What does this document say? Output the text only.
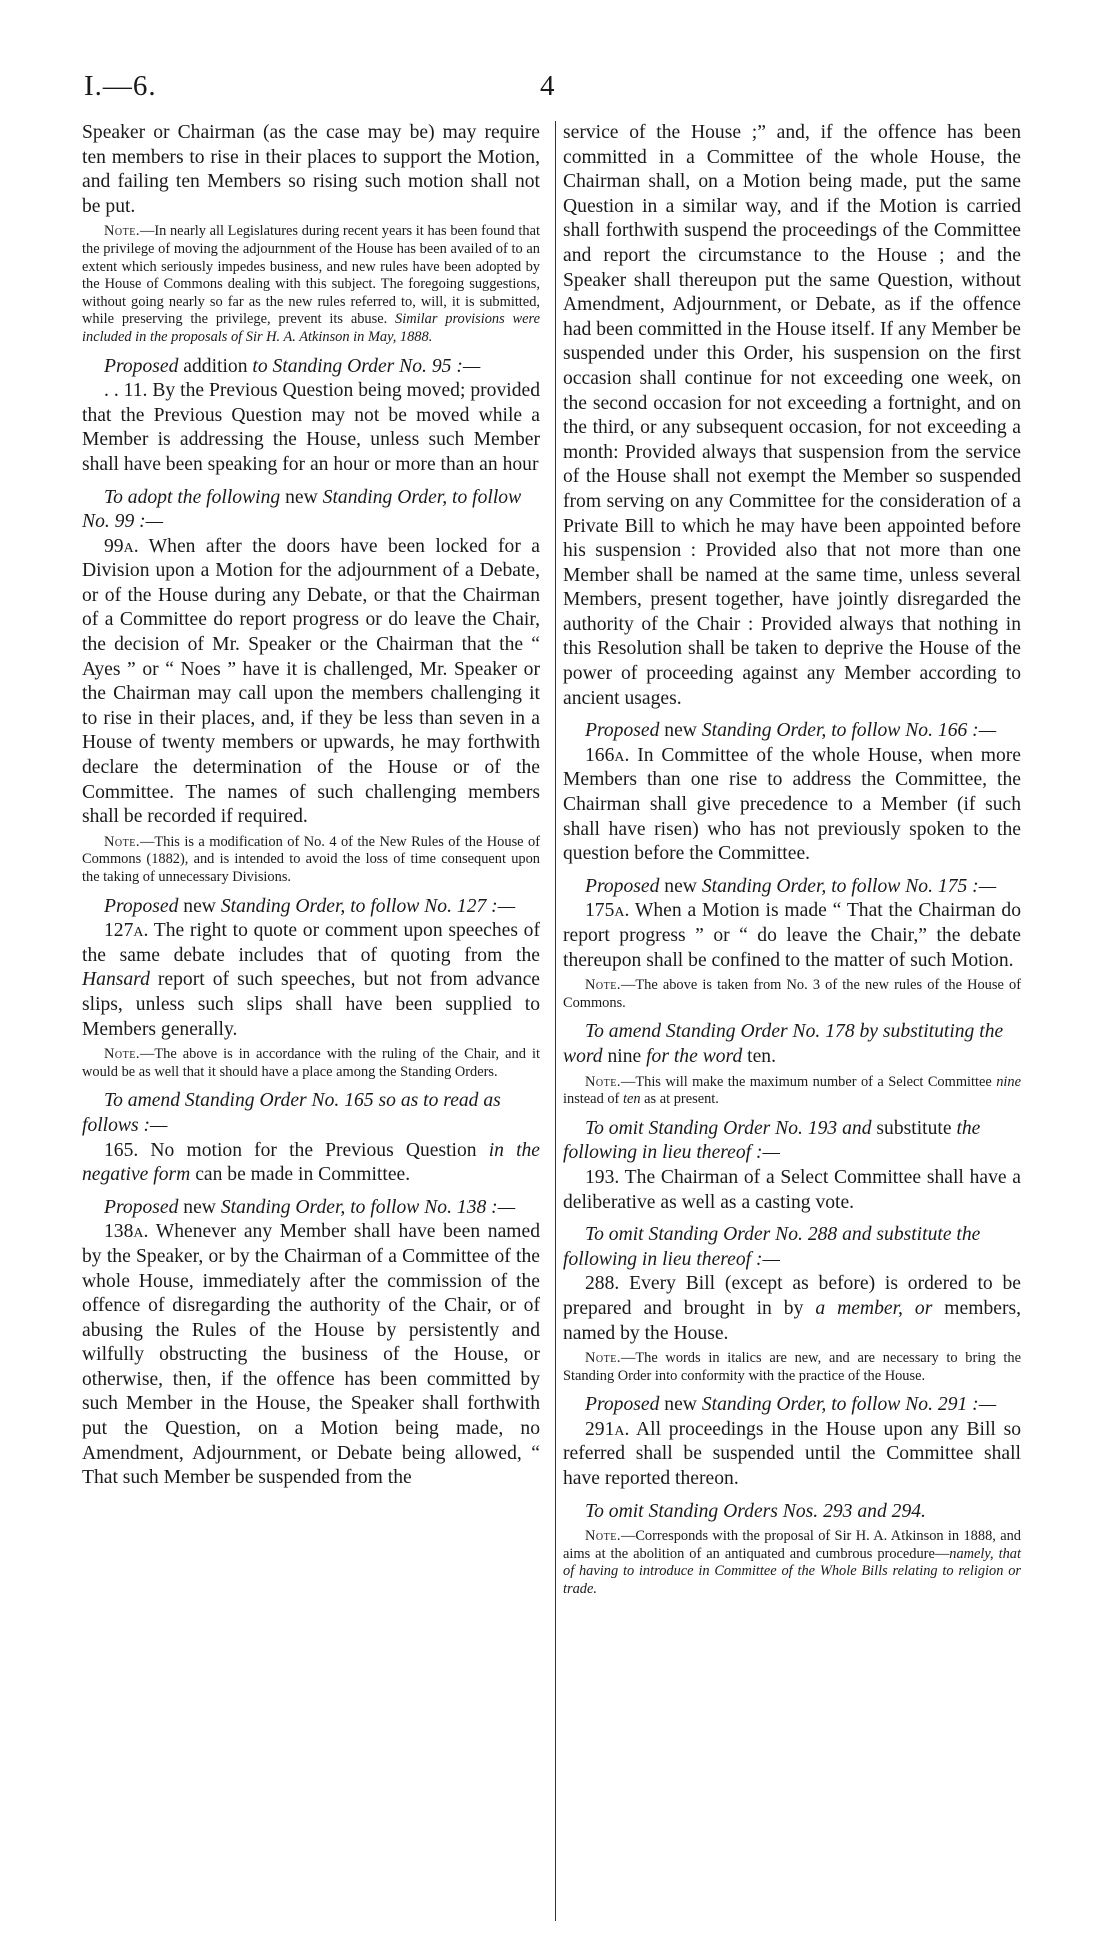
I.—6.	4

Speaker or Chairman (as the case may be) may require ten members to rise in their places to support the Motion, and failing ten Members so rising such motion shall not be put.

Note.—In nearly all Legislatures during recent years it has been found that the privilege of moving the adjournment of the House has been availed of to an extent which seriously impedes business, and new rules have been adopted by the House of Commons dealing with this subject. The foregoing suggestions, without going nearly so far as the new rules referred to, will, it is submitted, while preserving the privilege, prevent its abuse. Similar provisions were included in the proposals of Sir H. A. Atkinson in May, 1888.

Proposed addition to Standing Order No. 95 :—

. . 11. By the Previous Question being moved; provided that the Previous Question may not be moved while a Member is addressing the House, unless such Member shall have been speaking for an hour or more than an hour

To adopt the following new Standing Order, to follow No. 99 :—

99a. When after the doors have been locked for a Division upon a Motion for the adjournment of a Debate, or of the House during any Debate, or that the Chairman of a Committee do report progress or do leave the Chair, the decision of Mr. Speaker or the Chairman that the “ Ayes ” or “ Noes ” have it is challenged, Mr. Speaker or the Chairman may call upon the members challenging it to rise in their places, and, if they be less than seven in a House of twenty members or upwards, he may forthwith declare the determination of the House or of the Committee. The names of such challenging members shall be recorded if required.

Note.—This is a modification of No. 4 of the New Rules of the House of Commons (1882), and is intended to avoid the loss of time consequent upon the taking of unnecessary Divisions.

Proposed new Standing Order, to follow No. 127 :—

127a. The right to quote or comment upon speeches of the same debate includes that of quoting from the Hansard report of such speeches, but not from advance slips, unless such slips shall have been supplied to Members generally.

Note.—The above is in accordance with the ruling of the Chair, and it would be as well that it should have a place among the Standing Orders.

To amend Standing Order No. 165 so as to read as follows :—

165. No motion for the Previous Question in the negative form can be made in Committee.

Proposed new Standing Order, to follow No. 138 :—

138a. Whenever any Member shall have been named by the Speaker, or by the Chairman of a Committee of the whole House, immediately after the commission of the offence of disregarding the authority of the Chair, or of abusing the Rules of the House by persistently and wilfully obstructing the business of the House, or otherwise, then, if the offence has been committed by such Member in the House, the Speaker shall forthwith put the Question, on a Motion being made, no Amendment, Adjournment, or Debate being allowed, “ That such Member be suspended from the

service of the House ;” and, if the offence has been committed in a Committee of the whole House, the Chairman shall, on a Motion being made, put the same Question in a similar way, and if the Motion is carried shall forthwith suspend the proceedings of the Committee and report the circumstance to the House ; and the Speaker shall thereupon put the same Question, without Amendment, Adjournment, or Debate, as if the offence had been committed in the House itself. If any Member be suspended under this Order, his suspension on the first occasion shall continue for not exceeding one week, on the second occasion for not exceeding a fortnight, and on the third, or any subsequent occasion, for not exceeding a month: Provided always that suspension from the service of the House shall not exempt the Member so suspended from serving on any Committee for the consideration of a Private Bill to which he may have been appointed before his suspension : Provided also that not more than one Member shall be named at the same time, unless several Members, present together, have jointly disregarded the authority of the Chair : Provided always that nothing in this Resolution shall be taken to deprive the House of the power of proceeding against any Member according to ancient usages.

Proposed new Standing Order, to follow No. 166 :—

166a. In Committee of the whole House, when more Members than one rise to address the Committee, the Chairman shall give precedence to a Member (if such shall have risen) who has not previously spoken to the question before the Committee.

Proposed new Standing Order, to follow No. 175 :—

175a. When a Motion is made “ That the Chairman do report progress ” or “ do leave the Chair,” the debate thereupon shall be confined to the matter of such Motion.

Note.—The above is taken from No. 3 of the new rules of the House of Commons.

To amend Standing Order No. 178 by substituting the word nine for the word ten.

Note.—This will make the maximum number of a Select Committee nine instead of ten as at present.

To omit Standing Order No. 193 and substitute the following in lieu thereof :—

193. The Chairman of a Select Committee shall have a deliberative as well as a casting vote.

To omit Standing Order No. 288 and substitute the following in lieu thereof :—

288. Every Bill (except as before) is ordered to be prepared and brought in by a member, or members, named by the House.

Note.—The words in italics are new, and are necessary to bring the Standing Order into conformity with the practice of the House.

Proposed new Standing Order, to follow No. 291 :—

291a. All proceedings in the House upon any Bill so referred shall be suspended until the Committee shall have reported thereon.

To omit Standing Orders Nos. 293 and 294.

Note.—Corresponds with the proposal of Sir H. A. Atkinson in 1888, and aims at the abolition of an antiquated and cumbrous procedure—namely, that of having to introduce in Committee of the Whole Bills relating to religion or trade.
